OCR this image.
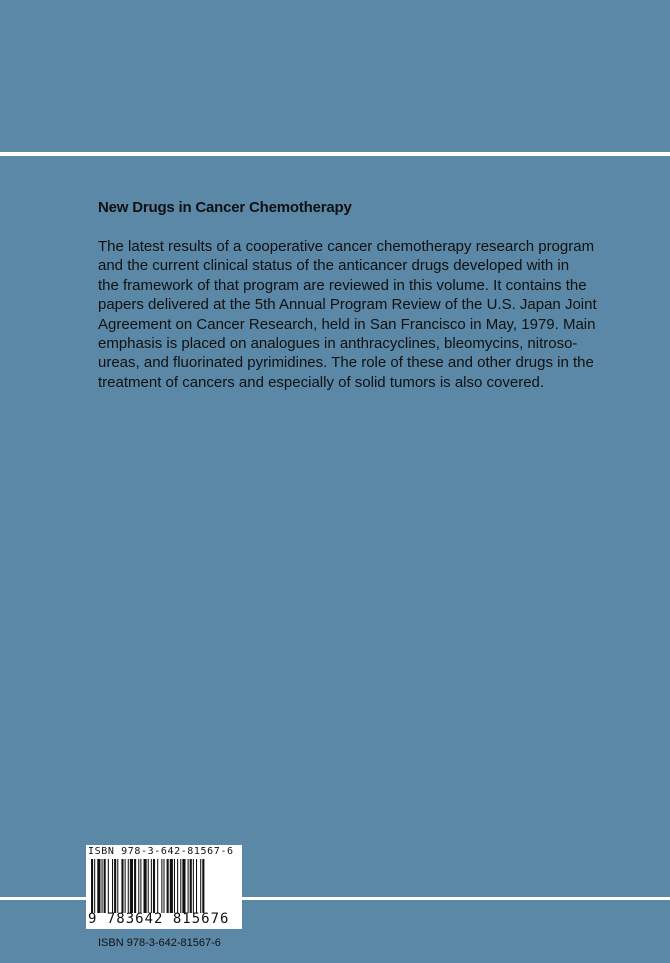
New Drugs in Cancer Chemotherapy

The latest results of a cooperative cancer chemotherapy research program
and the current clinical status of the anticancer drugs developed with in
the framework of that program are reviewed in this volume. It contains the
papers delivered at the 5th Annual Program Review of the U.S. Japan Joint
Agreement on Cancer Research, held in San Francisco in May, 1979. Main
emphasis is placed on analogues in anthracyclines, bleomycins, nitroso-
ureas, and fluorinated pyrimidines. The role of these and other drugs in the
treatment of cancers and especially of solid tumors is also covered.

ISBN 978-3-642-81567-6
9 783642 815676
ISBN 978-3-642-81567-6
